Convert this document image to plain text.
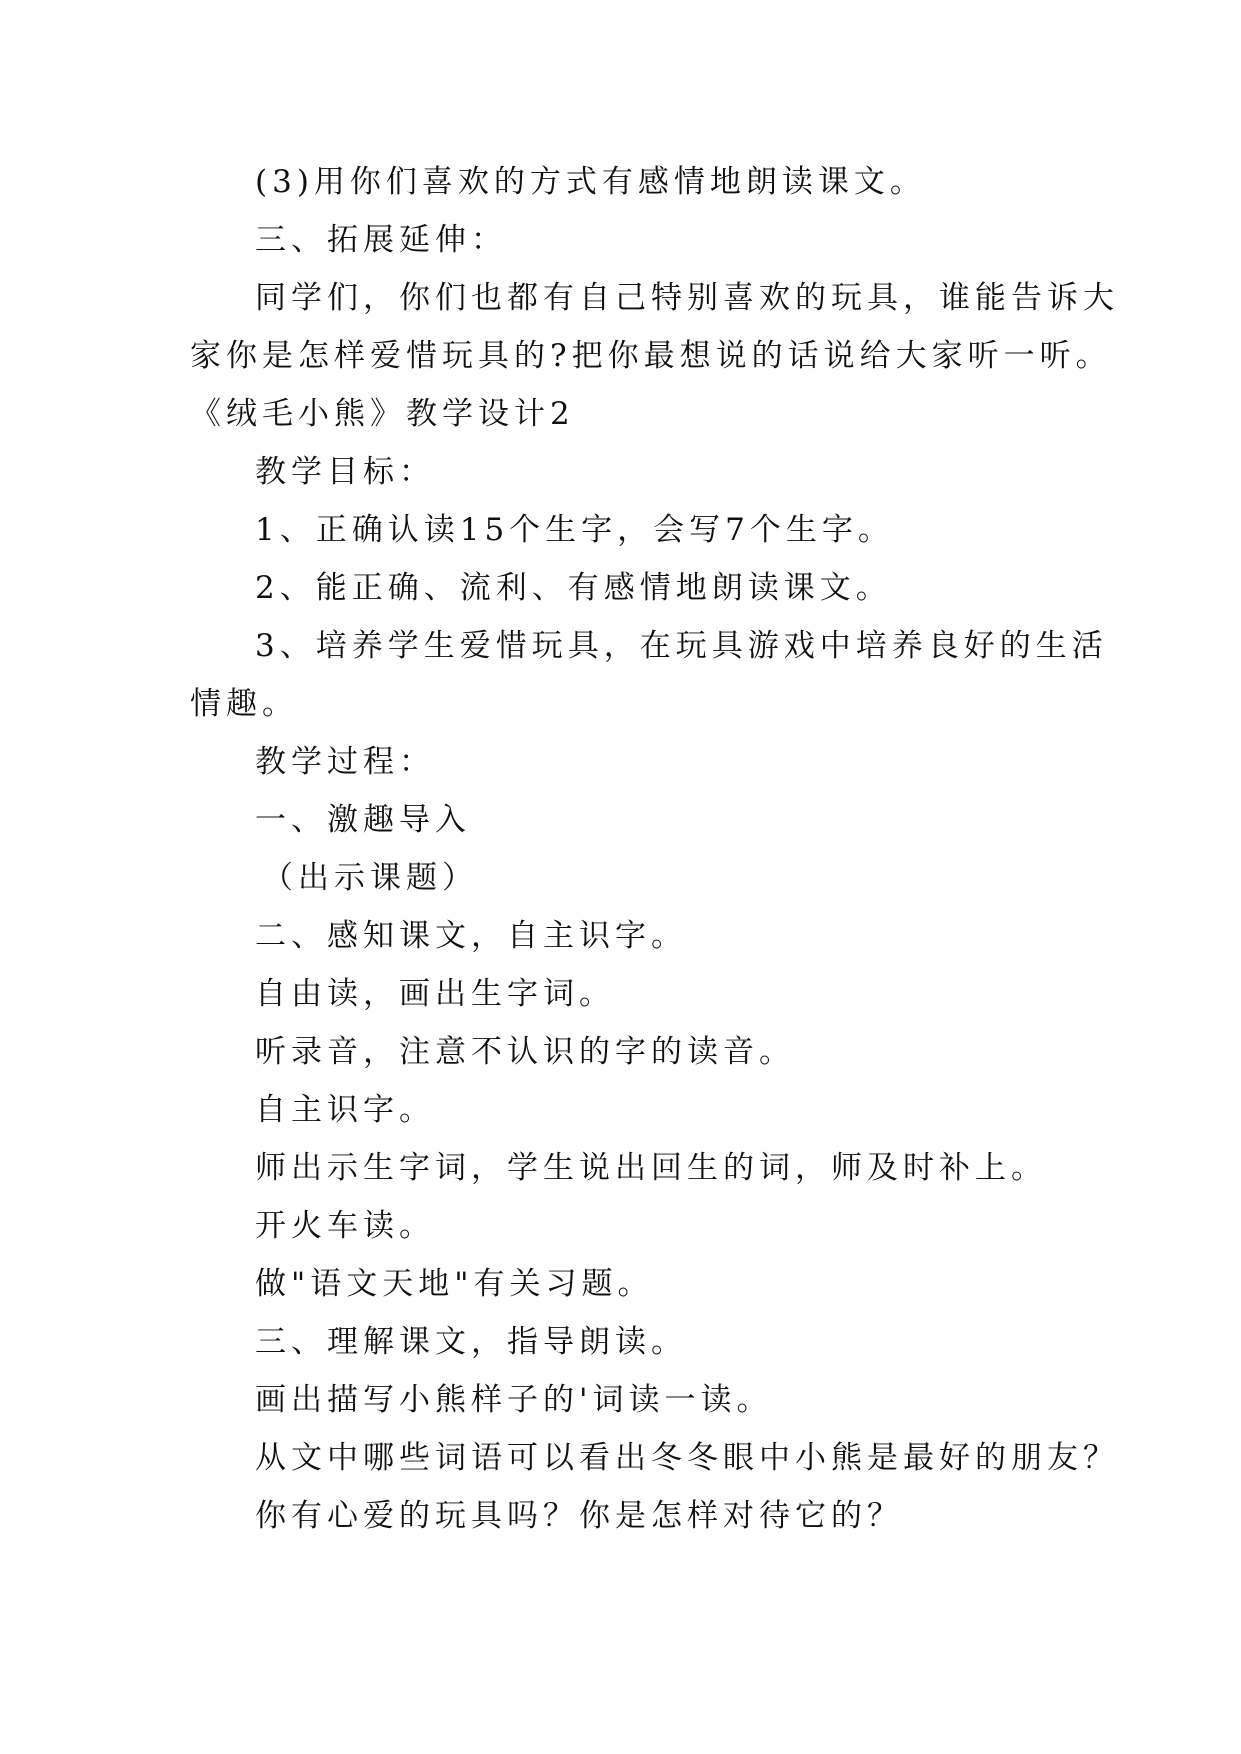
(3)用你们喜欢的方式有感情地朗读课文。
三、拓展延伸：
同学们，你们也都有自己特别喜欢的玩具，谁能告诉大
家你是怎样爱惜玩具的?把你最想说的话说给大家听一听。
《绒毛小熊》教学设计2
教学目标：
1、正确认读15个生字，会写7个生字。
2、能正确、流利、有感情地朗读课文。
3、培养学生爱惜玩具，在玩具游戏中培养良好的生活
情趣。
教学过程：
一、激趣导入
（出示课题）
二、感知课文，自主识字。
自由读，画出生字词。
听录音，注意不认识的字的读音。
自主识字。
师出示生字词，学生说出回生的词，师及时补上。
开火车读。
做"语文天地"有关习题。
三、理解课文，指导朗读。
画出描写小熊样子的'词读一读。
从文中哪些词语可以看出冬冬眼中小熊是最好的朋友？
你有心爱的玩具吗？你是怎样对待它的？
